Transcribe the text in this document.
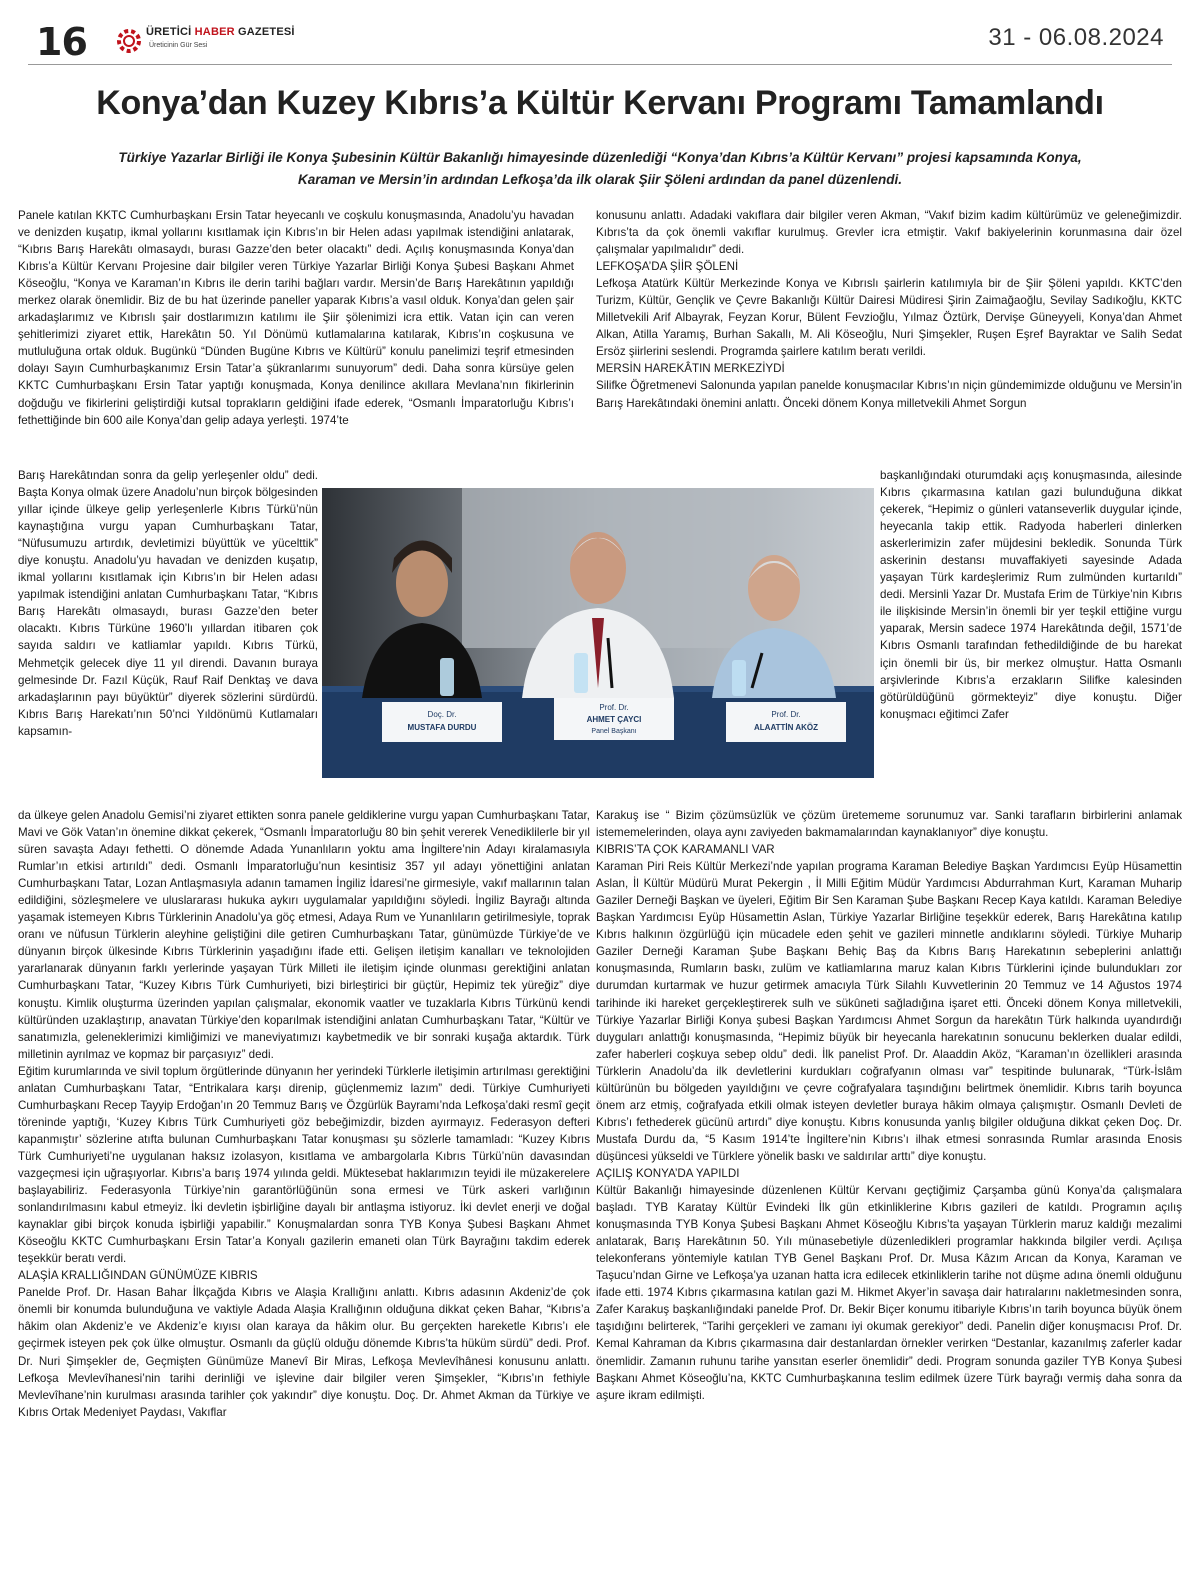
16	ÜRETİCİ HABER GAZETESİ
Üreticinin Gür Sesi	31 - 06.08.2024
Konya’dan Kuzey Kıbrıs’a Kültür Kervanı Programı Tamamlandı
Türkiye Yazarlar Birliği ile Konya Şubesinin Kültür Bakanlığı himayesinde düzenlediği “Konya’dan Kıbrıs’a Kültür Kervanı” projesi kapsamında Konya, Karaman ve Mersin’in ardından Lefkoşa’da ilk olarak Şiir Şöleni ardından da panel düzenlendi.

Panele katılan KKTC Cumhurbaşkanı Ersin Tatar heyecanlı ve coşkulu konuşmasında, Anadolu’yu havadan ve denizden kuşatıp, ikmal yollarını kısıtlamak için Kıbrıs’ın bir Helen adası yapılmak istendiğini anlatarak, “Kıbrıs Barış Harekâtı olmasaydı, burası Gazze’den beter olacaktı” dedi. Açılış konuşmasında Konya’dan Kıbrıs’a Kültür Kervanı Projesine dair bilgiler veren Türkiye Yazarlar Birliği Konya Şubesi Başkanı Ahmet Köseoğlu, “Konya ve Karaman’ın Kıbrıs ile derin tarihi bağları vardır. Mersin’de Barış Harekâtının yapıldığı merkez olarak önemlidir. Biz de bu hat üzerinde paneller yaparak Kıbrıs’a vasıl olduk. Konya’dan gelen şair arkadaşlarımız ve Kıbrıslı şair dostlarımızın katılımı ile Şiir şölenimizi icra ettik. Vatan için can veren şehitlerimizi ziyaret ettik, Harekâtın 50. Yıl Dönümü kutlamalarına katılarak, Kıbrıs’ın coşkusuna ve mutluluğuna ortak olduk. Bugünkü “Dünden Bugüne Kıbrıs ve Kültürü” konulu panelimizi teşrif etmesinden dolayı Sayın Cumhurbaşkanımız Ersin Tatar’a şükranlarımı sunuyorum” dedi. Daha sonra kürsüye gelen KKTC Cumhurbaşkanı Ersin Tatar yaptığı konuşmada, Konya denilince akıllara Mevlana’nın fikirlerinin doğduğu ve fikirlerini geliştirdiği kutsal toprakların geldiğini ifade ederek, “Osmanlı İmparatorluğu Kıbrıs’ı fethettiğinde bin 600 aile Konya’dan gelip adaya yerleşti. 1974’te

Barış Harekâtından sonra da gelip yerleşenler oldu” dedi. Başta Konya olmak üzere Anadolu’nun birçok bölgesinden yıllar içinde ülkeye gelip yerleşenlerle Kıbrıs Türkü’nün kaynaştığına vurgu yapan Cumhurbaşkanı Tatar, “Nüfusumuzu artırdık, devletimizi büyüttük ve yücelttik” diye konuştu. Anadolu’yu havadan ve denizden kuşatıp, ikmal yollarını kısıtlamak için Kıbrıs’ın bir Helen adası yapılmak istendiğini anlatan Cumhurbaşkanı Tatar, “Kıbrıs Barış Harekâtı olmasaydı, burası Gazze’den beter olacaktı. Kıbrıs Türküne 1960’lı yıllardan itibaren çok sayıda saldırı ve katliamlar yapıldı. Kıbrıs Türkü, Mehmetçik gelecek diye 11 yıl direndi. Davanın buraya gelmesinde Dr. Fazıl Küçük, Rauf Raif Denktaş ve dava arkadaşlarının payı büyüktür” diyerek sözlerini sürdürdü. Kıbrıs Barış Harekatı’nın 50’nci Yıldönümü Kutlamaları kapsamın-

da ülkeye gelen Anadolu Gemisi’ni ziyaret ettikten sonra panele geldiklerine vurgu yapan Cumhurbaşkanı Tatar, Mavi ve Gök Vatan’ın önemine dikkat çekerek, “Osmanlı İmparatorluğu 80 bin şehit vererek Venediklilerle bir yıl süren savaşta Adayı fethetti. O dönemde Adada Yunanlıların yoktu ama İngiltere’nin Adayı kiralamasıyla Rumlar’ın etkisi artırıldı” dedi. Osmanlı İmparatorluğu’nun kesintisiz 357 yıl adayı yönettiğini anlatan Cumhurbaşkanı Tatar, Lozan Antlaşmasıyla adanın tamamen İngiliz İdaresi’ne girmesiyle, vakıf mallarının talan edildiğini, sözleşmelere ve uluslararası hukuka aykırı uygulamalar yapıldığını söyledi. İngiliz Bayrağı altında yaşamak istemeyen Kıbrıs Türklerinin Anadolu’ya göç etmesi, Adaya Rum ve Yunanlıların getirilmesiyle, toprak oranı ve nüfusun Türklerin aleyhine geliştiğini dile getiren Cumhurbaşkanı Tatar, günümüzde Türkiye’de ve dünyanın birçok ülkesinde Kıbrıs Türklerinin yaşadığını ifade etti. Gelişen iletişim kanalları ve teknolojiden yararlanarak dünyanın farklı yerlerinde yaşayan Türk Milleti ile iletişim içinde olunması gerektiğini anlatan Cumhurbaşkanı Tatar, “Kuzey Kıbrıs Türk Cumhuriyeti, bizi birleştirici bir güçtür, Hepimiz tek yüreğiz” diye konuştu. Kimlik oluşturma üzerinden yapılan çalışmalar, ekonomik vaatler ve tuzaklarla Kıbrıs Türkünü kendi kültüründen uzaklaştırıp, anavatan Türkiye’den koparılmak istendiğini anlatan Cumhurbaşkanı Tatar, “Kültür ve sanatımızla, geleneklerimizi kimliğimizi ve maneviyatımızı kaybetmedik ve bir sonraki kuşağa aktardık. Türk milletinin ayrılmaz ve kopmaz bir parçasıyız” dedi.

Eğitim kurumlarında ve sivil toplum örgütlerinde dünyanın her yerindeki Türklerle iletişimin artırılması gerektiğini anlatan Cumhurbaşkanı Tatar, “Entrikalara karşı direnip, güçlenmemiz lazım” dedi. Türkiye Cumhuriyeti Cumhurbaşkanı Recep Tayyip Erdoğan’ın 20 Temmuz Barış ve Özgürlük Bayramı’nda Lefkoşa’daki resmî geçit töreninde yaptığı, ‘Kuzey Kıbrıs Türk Cumhuriyeti göz bebeğimizdir, bizden ayırmayız. Federasyon defteri kapanmıştır’ sözlerine atıfta bulunan Cumhurbaşkanı Tatar konuşması şu sözlerle tamamladı: “Kuzey Kıbrıs Türk Cumhuriyeti’ne uygulanan haksız izolasyon, kısıtlama ve ambargolarla Kıbrıs Türkü’nün davasından vazgeçmesi için uğraşıyorlar. Kıbrıs’a barış 1974 yılında geldi. Müktesebat haklarımızın teyidi ile müzakerelere başlayabiliriz. Federasyonla Türkiye’nin garantörlüğünün sona ermesi ve Türk askeri varlığının sonlandırılmasını kabul etmeyiz. İki devletin işbirliğine dayalı bir antlaşma istiyoruz. İki devlet enerji ve doğal kaynaklar gibi birçok konuda işbirliği yapabilir.” Konuşmalardan sonra TYB Konya Şubesi Başkanı Ahmet Köseoğlu KKTC Cumhurbaşkanı Ersin Tatar’a Konyalı gazilerin emaneti olan Türk Bayrağını takdim ederek teşekkür beratı verdi.

ALAŞİA KRALLIĞINDAN GÜNÜMÜZE KIBRIS

Panelde Prof. Dr. Hasan Bahar İlkçağda Kıbrıs ve Alaşia Krallığını anlattı. Kıbrıs adasının Akdeniz’de çok önemli bir konumda bulunduğuna ve vaktiyle Adada Alaşia Krallığının olduğuna dikkat çeken Bahar, “Kıbrıs’a hâkim olan Akdeniz’e ve Akdeniz’e kıyısı olan karaya da hâkim olur. Bu gerçekten hareketle Kıbrıs’ı ele geçirmek isteyen pek çok ülke olmuştur. Osmanlı da güçlü olduğu dönemde Kıbrıs’ta hüküm sürdü” dedi. Prof. Dr. Nuri Şimşekler de, Geçmişten Günümüze Manevî Bir Miras, Lefkoşa Mevlevîhânesi konusunu anlattı. Lefkoşa Mevlevîhanesi’nin tarihi derinliği ve işlevine dair bilgiler veren Şimşekler, “Kıbrıs’ın fethiyle Mevlevîhane’nin kurulması arasında tarihler çok yakındır” diye konuştu. Doç. Dr. Ahmet Akman da Türkiye ve Kıbrıs Ortak Medeniyet Paydası, Vakıflar

konusunu anlattı. Adadaki vakıflara dair bilgiler veren Akman, “Vakıf bizim kadim kültürümüz ve geleneğimizdir. Kıbrıs’ta da çok önemli vakıflar kurulmuş. Grevler icra etmiştir. Vakıf bakiyelerinin korunmasına dair özel çalışmalar yapılmalıdır” dedi.

LEFKOŞA’DA ŞİİR ŞÖLENİ

Lefkoşa Atatürk Kültür Merkezinde Konya ve Kıbrıslı şairlerin katılımıyla bir de Şiir Şöleni yapıldı. KKTC’den Turizm, Kültür, Gençlik ve Çevre Bakanlığı Kültür Dairesi Müdiresi Şirin Zaimağaoğlu, Sevilay Sadıkoğlu, KKTC Milletvekili Arif Albayrak, Feyzan Korur, Bülent Fevzioğlu, Yılmaz Öztürk, Dervişe Güneyyeli, Konya’dan Ahmet Alkan, Atilla Yaramış, Burhan Sakallı, M. Ali Köseoğlu, Nuri Şimşekler, Ruşen Eşref Bayraktar ve Salih Sedat Ersöz şiirlerini seslendi. Programda şairlere katılım beratı verildi.

MERSİN HAREKÂTIN MERKEZİYDİ

Silifke Öğretmenevi Salonunda yapılan panelde konuşmacılar Kıbrıs’ın niçin gündemimizde olduğunu ve Mersin’in Barış Harekâtındaki önemini anlattı. Önceki dönem Konya milletvekili Ahmet Sorgun

başkanlığındaki oturumdaki açış konuşmasında, ailesinde Kıbrıs çıkarmasına katılan gazi bulunduğuna dikkat çekerek, “Hepimiz o günleri vatanseverlik duygular içinde, heyecanla takip ettik. Radyoda haberleri dinlerken askerlerimizin zafer müjdesini bekledik. Sonunda Türk askerinin destansı muvaffakiyeti sayesinde Adada yaşayan Türk kardeşlerimiz Rum zulmünden kurtarıldı” dedi. Mersinli Yazar Dr. Mustafa Erim de Türkiye’nin Kıbrıs ile ilişkisinde Mersin’in önemli bir yer teşkil ettiğine vurgu yaparak, Mersin sadece 1974 Harekâtında değil, 1571’de Kıbrıs Osmanlı tarafından fethedildiğinde de bu harekat için önemli bir üs, bir merkez olmuştur. Hatta Osmanlı arşivlerinde Kıbrıs’a erzakların Silifke kalesinden götürüldüğünü görmekteyiz” diye konuştu. Diğer konuşmacı eğitimci Zafer

Karakuş ise “ Bizim çözümsüzlük ve çözüm üretememe sorunumuz var. Sanki tarafların birbirlerini anlamak istememelerinden, olaya aynı zaviyeden bakmamalarından kaynaklanıyor” diye konuştu.

KIBRIS’TA ÇOK KARAMANLI VAR

Karaman Piri Reis Kültür Merkezi’nde yapılan programa Karaman Belediye Başkan Yardımcısı Eyüp Hüsamettin Aslan, İl Kültür Müdürü Murat Pekergin , İl Milli Eğitim Müdür Yardımcısı Abdurrahman Kurt, Karaman Muharip Gaziler Derneği Başkan ve üyeleri, Eğitim Bir Sen Karaman Şube Başkanı Recep Kaya katıldı. Karaman Belediye Başkan Yardımcısı Eyüp Hüsamettin Aslan, Türkiye Yazarlar Birliğine teşekkür ederek, Barış Harekâtına katılıp Kıbrıs halkının özgürlüğü için mücadele eden şehit ve gazileri minnetle andıklarını söyledi. Türkiye Muharip Gaziler Derneği Karaman Şube Başkanı Behiç Baş da Kıbrıs Barış Harekatının sebeplerini anlattığı konuşmasında, Rumların baskı, zulüm ve katliamlarına maruz kalan Kıbrıs Türklerini içinde bulundukları zor durumdan kurtarmak ve huzur getirmek amacıyla Türk Silahlı Kuvvetlerinin 20 Temmuz ve 14 Ağustos 1974 tarihinde iki hareket gerçekleştirerek sulh ve sükûneti sağladığına işaret etti. Önceki dönem Konya milletvekili, Türkiye Yazarlar Birliği Konya şubesi Başkan Yardımcısı Ahmet Sorgun da harekâtın Türk halkında uyandırdığı duyguları anlattığı konuşmasında, “Hepimiz büyük bir heyecanla harekatının sonucunu beklerken dualar edildi, zafer haberleri coşkuya sebep oldu” dedi. İlk panelist Prof. Dr. Alaaddin Aköz, “Karaman’ın özellikleri arasında Türklerin Anadolu’da ilk devletlerini kurdukları coğrafyanın olması var” tespitinde bulunarak, “Türk-İslâm kültürünün bu bölgeden yayıldığını ve çevre coğrafyalara taşındığını belirtmek önemlidir. Kıbrıs tarih boyunca önem arz etmiş, coğrafyada etkili olmak isteyen devletler buraya hâkim olmaya çalışmıştır. Osmanlı Devleti de Kıbrıs’ı fethederek gücünü artırdı” diye konuştu. Kıbrıs konusunda yanlış bilgiler olduğuna dikkat çeken Doç. Dr. Mustafa Durdu da, “5 Kasım 1914’te İngiltere’nin Kıbrıs’ı ilhak etmesi sonrasında Rumlar arasında Enosis düşüncesi yükseldi ve Türklere yönelik baskı ve saldırılar arttı” diye konuştu.

AÇILIŞ KONYA’DA YAPILDI

Kültür Bakanlığı himayesinde düzenlenen Kültür Kervanı geçtiğimiz Çarşamba günü Konya’da çalışmalara başladı. TYB Karatay Kültür Evindeki İlk gün etkinliklerine Kıbrıs gazileri de katıldı. Programın açılış konuşmasında TYB Konya Şubesi Başkanı Ahmet Köseoğlu Kıbrıs’ta yaşayan Türklerin maruz kaldığı mezalimi anlatarak, Barış Harekâtının 50. Yılı münasebetiyle düzenledikleri programlar hakkında bilgiler verdi. Açılışa telekonferans yöntemiyle katılan TYB Genel Başkanı Prof. Dr. Musa Kâzım Arıcan da Konya, Karaman ve Taşucu’ndan Girne ve Lefkoşa’ya uzanan hatta icra edilecek etkinliklerin tarihe not düşme adına önemli olduğunu ifade etti. 1974 Kıbrıs çıkarmasına katılan gazi M. Hikmet Akyer’in savaşa dair hatıralarını nakletmesinden sonra, Zafer Karakuş başkanlığındaki panelde Prof. Dr. Bekir Biçer konumu itibariyle Kıbrıs’ın tarih boyunca büyük önem taşıdığını belirterek, “Tarihi gerçekleri ve zamanı iyi okumak gerekiyor” dedi. Panelin diğer konuşmacısı Prof. Dr. Kemal Kahraman da Kıbrıs çıkarmasına dair destanlardan örnekler verirken “Destanlar, kazanılmış zaferler kadar önemlidir. Zamanın ruhunu tarihe yansıtan eserler önemlidir” dedi. Program sonunda gaziler TYB Konya Şubesi Başkanı Ahmet Köseoğlu’na, KKTC Cumhurbaşkanına teslim edilmek üzere Türk bayrağı vermiş daha sonra da aşure ikram edilmişti.

Doç. Dr.
MUSTAFA DURDU
Prof. Dr.
AHMET ÇAYCI
Panel Başkanı
Prof. Dr.
ALAATTİN AKÖZ
